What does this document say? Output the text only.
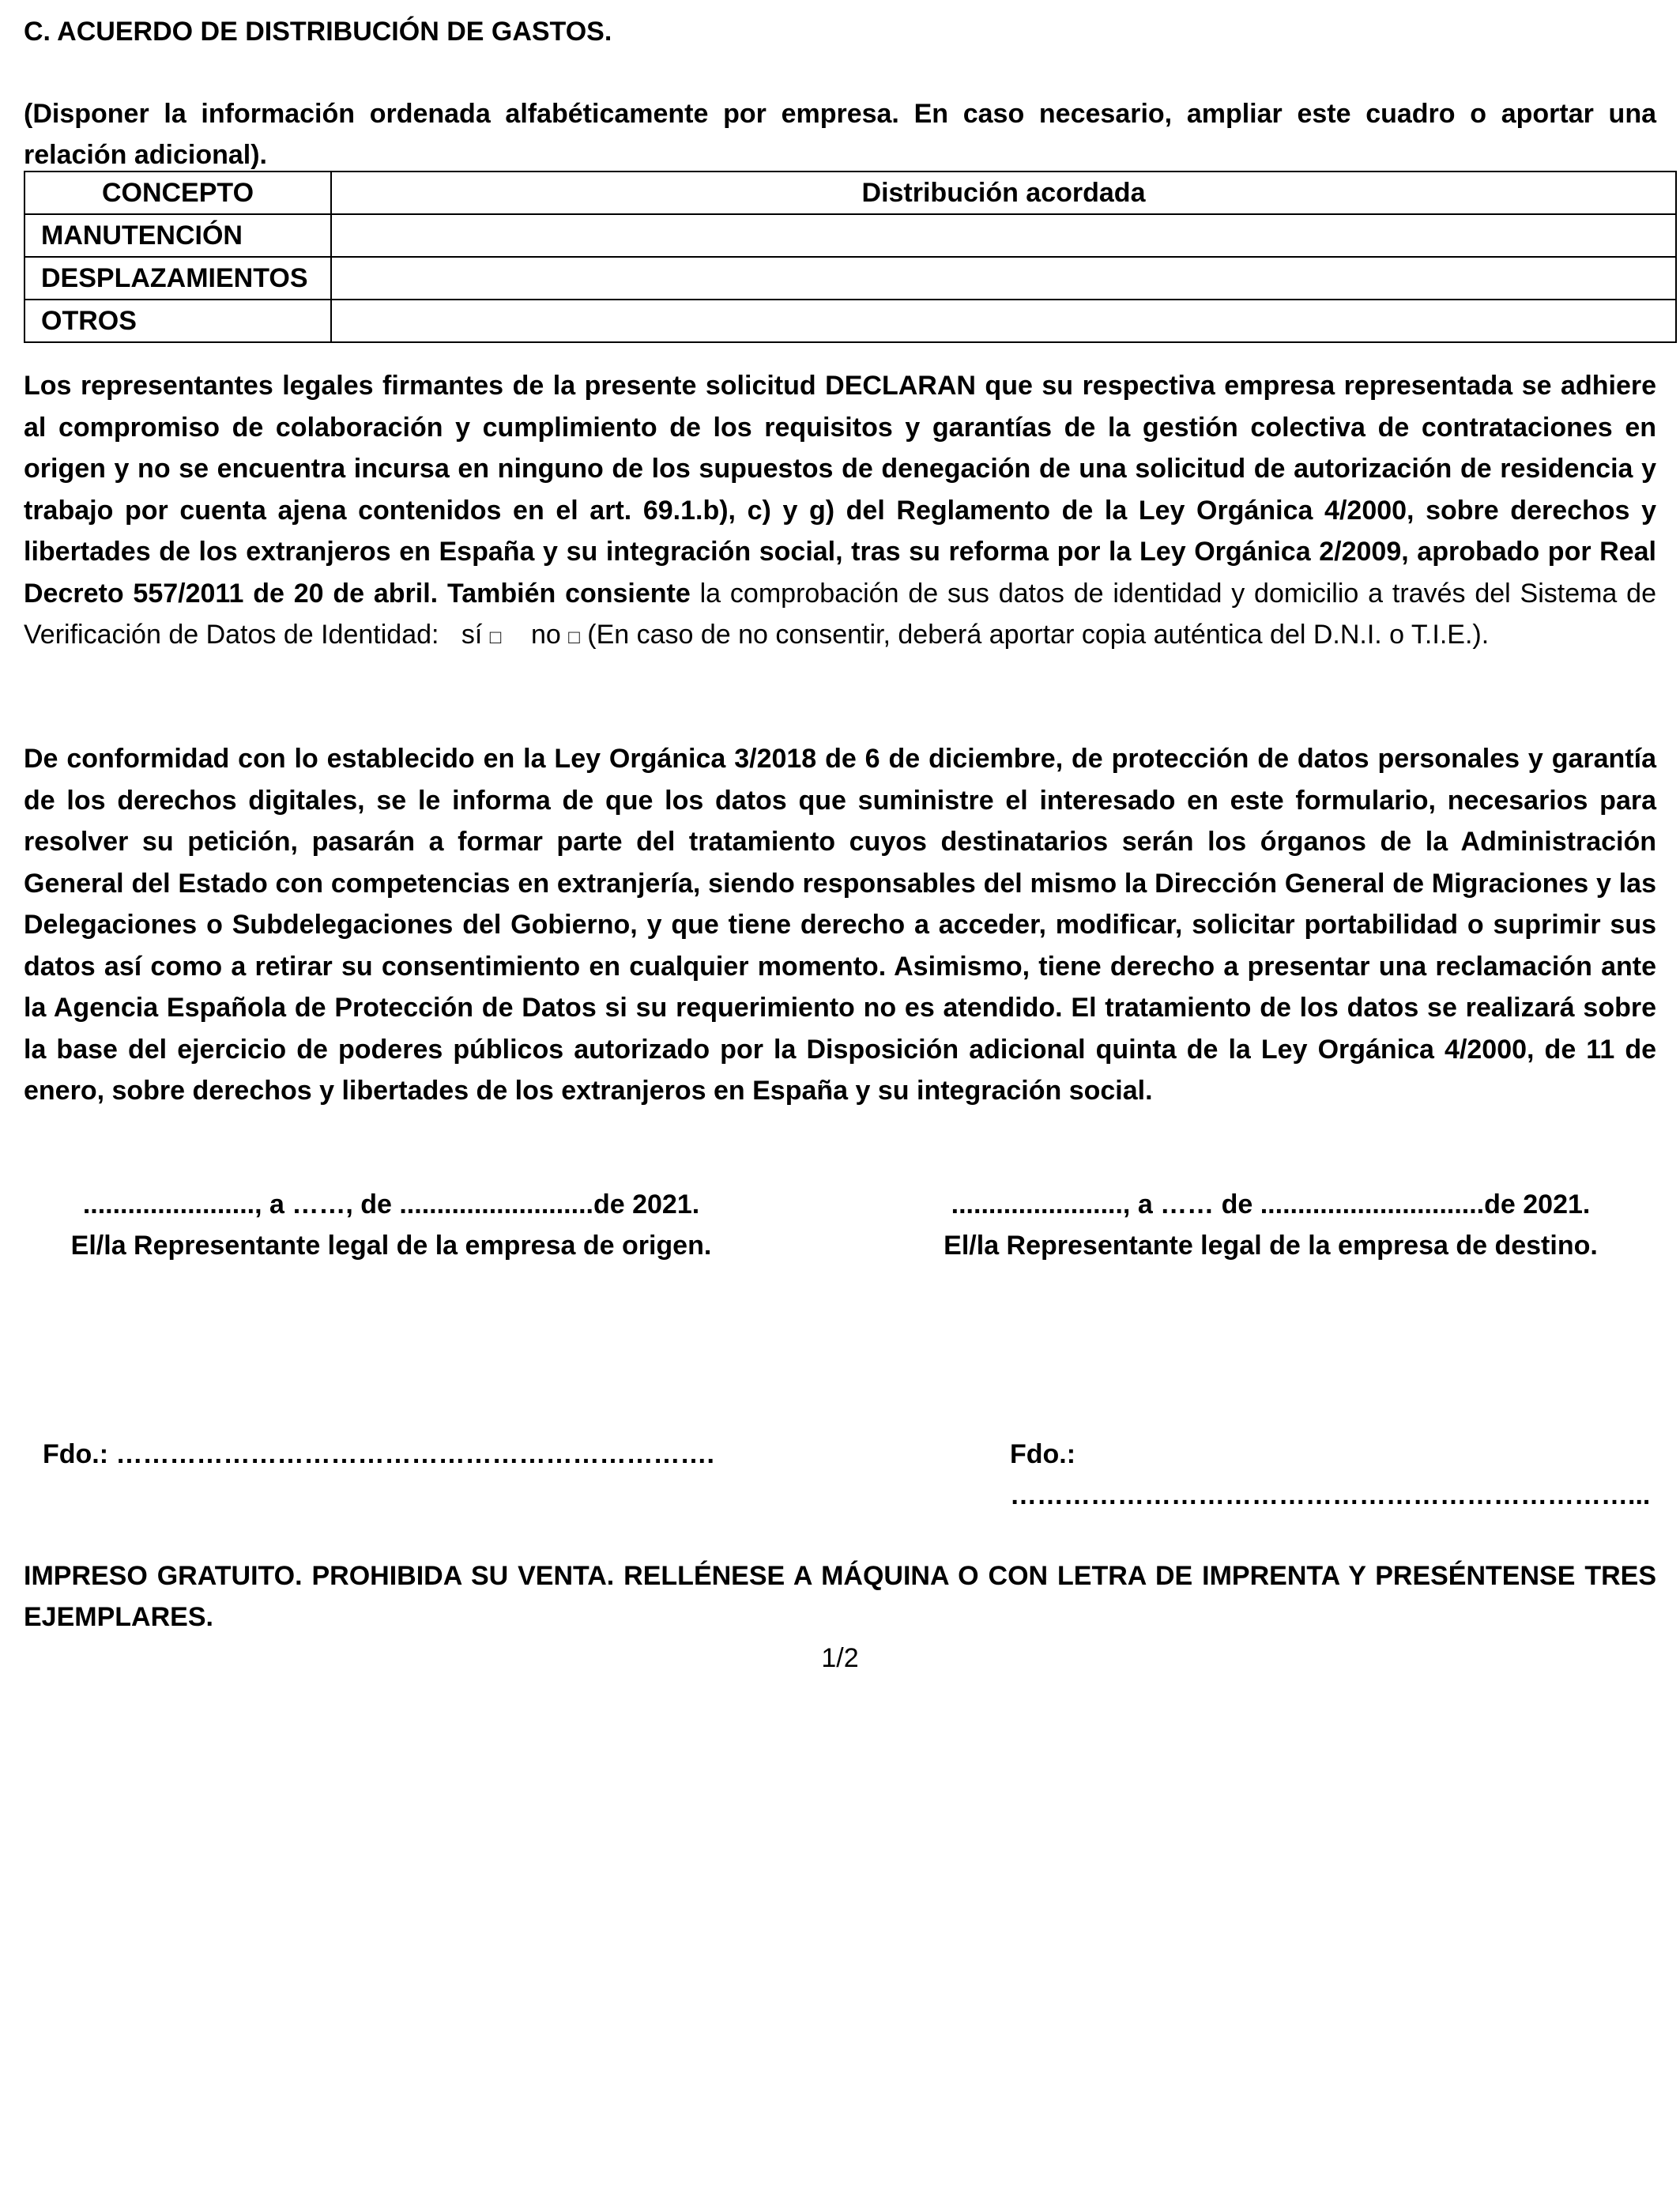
C. ACUERDO DE DISTRIBUCIÓN DE GASTOS.
(Disponer la información ordenada alfabéticamente por empresa. En caso necesario, ampliar este cuadro o aportar una relación adicional).
CONCEPTO	Distribución acordada
MANUTENCIÓN	
DESPLAZAMIENTOS	
OTROS	
Los representantes legales firmantes de la presente solicitud DECLARAN que su respectiva empresa representada se adhiere al compromiso de colaboración y cumplimiento de los requisitos y garantías de la gestión colectiva de contrataciones en origen y no se encuentra incursa en ninguno de los supuestos de denegación de una solicitud de autorización de residencia y trabajo por cuenta ajena contenidos en el art. 69.1.b), c) y g) del Reglamento de la Ley Orgánica 4/2000, sobre derechos y libertades de los extranjeros en España y su integración social, tras su reforma por la Ley Orgánica 2/2009, aprobado por Real Decreto 557/2011 de 20 de abril. También consiente la comprobación de sus datos de identidad y domicilio a través del Sistema de Verificación de Datos de Identidad: sí □ no □ (En caso de no consentir, deberá aportar copia auténtica del D.N.I. o T.I.E.).
De conformidad con lo establecido en la Ley Orgánica 3/2018 de 6 de diciembre, de protección de datos personales y garantía de los derechos digitales, se le informa de que los datos que suministre el interesado en este formulario, necesarios para resolver su petición, pasarán a formar parte del tratamiento cuyos destinatarios serán los órganos de la Administración General del Estado con competencias en extranjería, siendo responsables del mismo la Dirección General de Migraciones y las Delegaciones o Subdelegaciones del Gobierno, y que tiene derecho a acceder, modificar, solicitar portabilidad o suprimir sus datos así como a retirar su consentimiento en cualquier momento. Asimismo, tiene derecho a presentar una reclamación ante la Agencia Española de Protección de Datos si su requerimiento no es atendido. El tratamiento de los datos se realizará sobre la base del ejercicio de poderes públicos autorizado por la Disposición adicional quinta de la Ley Orgánica 4/2000, de 11 de enero, sobre derechos y libertades de los extranjeros en España y su integración social.
......................., a ……, de ..........................de 2021.
El/la Representante legal de la empresa de origen.
......................., a …… de ..............................de 2021.
El/la Representante legal de la empresa de destino.
Fdo.: ………………………………………………………….	Fdo.: ……………………………………………………………...
IMPRESO GRATUITO. PROHIBIDA SU VENTA. RELLÉNESE A MÁQUINA O CON LETRA DE IMPRENTA Y PRESÉNTENSE TRES EJEMPLARES.
1/2
